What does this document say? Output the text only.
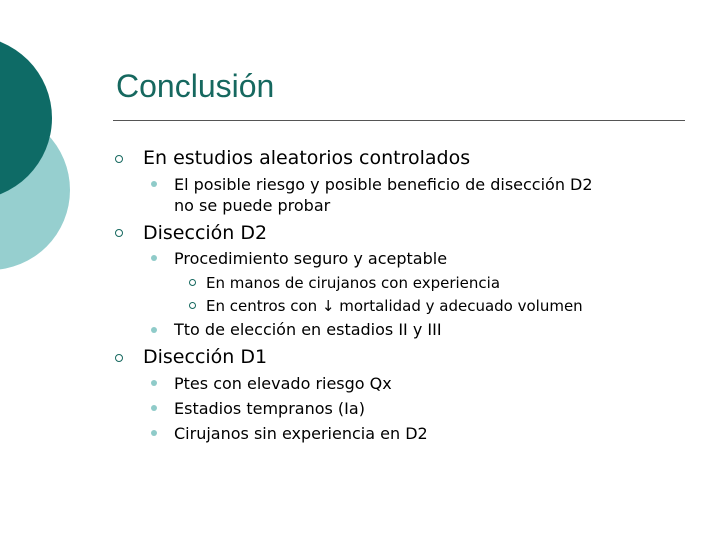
Conclusión
En estudios aleatorios controlados
El posible riesgo y posible beneficio de disección D2
no se puede probar
Disección D2
Procedimiento seguro y aceptable
En manos de cirujanos con experiencia
En centros con ↓ mortalidad y adecuado volumen
Tto de elección en estadios II y III
Disección D1
Ptes con elevado riesgo Qx
Estadios tempranos (Ia)
Cirujanos sin experiencia en D2
